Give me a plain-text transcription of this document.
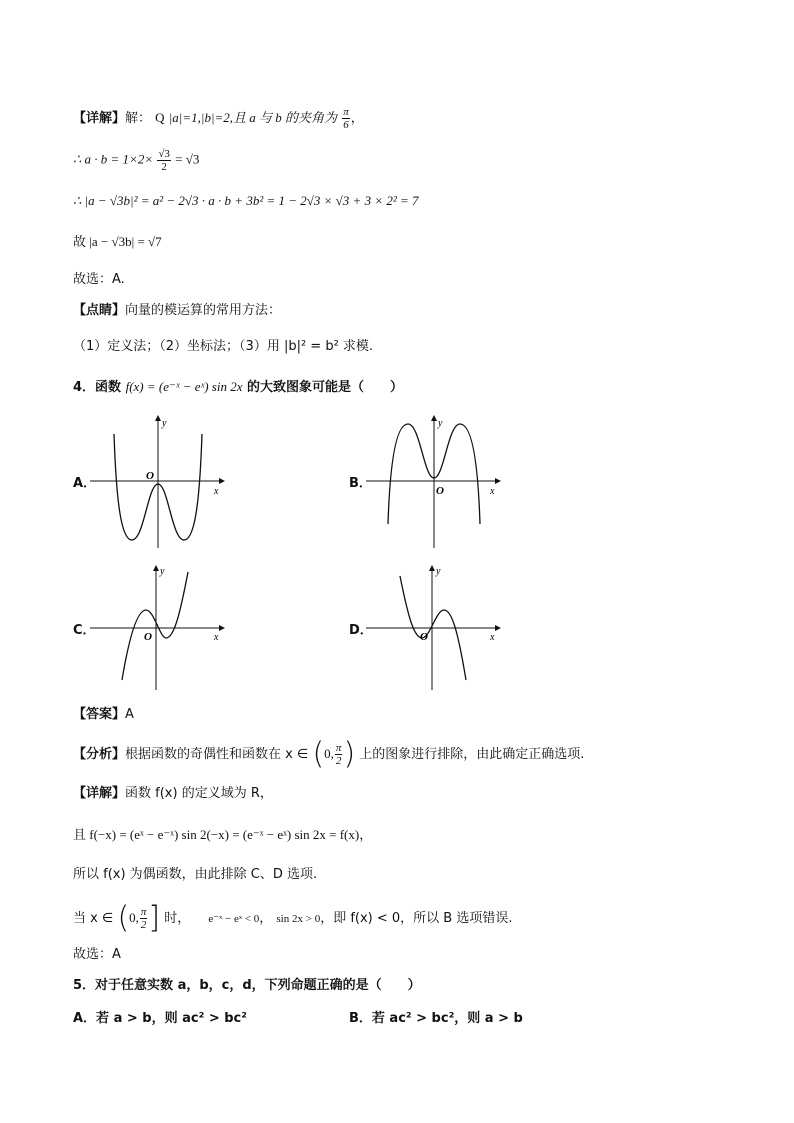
【详解】解： Q |a|=1,|b|=2,且 a 与 b 的夹角为 $\frac{\pi}{6}$ ，
∴ $a \cdot b = 1\times 2\times \frac{√3}{2} = √3$
∴ |a − √3b|² = a² − 2√3 · a · b + 3b² = 1 − 2√3 × √3 + 3 × 2² = 7
故 |a − √3b| = √7
故选：A.
【点睛】向量的模运算的常用方法：
（1）定义法；（2）坐标法；（3）用 |b|² = b² 求模.
4．函数 f(x) = (e⁻ˣ − eˣ) sin 2x 的大致图象可能是（　　）
A．	B．
C．	D．
y
x
O
y
x
O
y
x
O
y
x
O
【答案】A
【分析】根据函数的奇偶性和函数在 x ∈ (0, $\frac{\pi}{2}$ ) 上的图象进行排除，由此确定正确选项.
【详解】函数 f(x) 的定义域为 R，
且 f(−x) = (eˣ − e⁻ˣ) sin 2(−x) = (e⁻ˣ − eˣ) sin 2x = f(x)，
所以 f(x) 为偶函数，由此排除 C、D 选项.
当 x ∈ (0, $\frac{\pi}{2}$ ] 时， e⁻ˣ − eˣ < 0， sin 2x > 0，即 f(x) < 0，所以 B 选项错误.
故选：A
5．对于任意实数 a，b，c，d，下列命题正确的是（　　）
A．若 a > b，则 ac² > bc²	B．若 ac² > bc²，则 a > b
